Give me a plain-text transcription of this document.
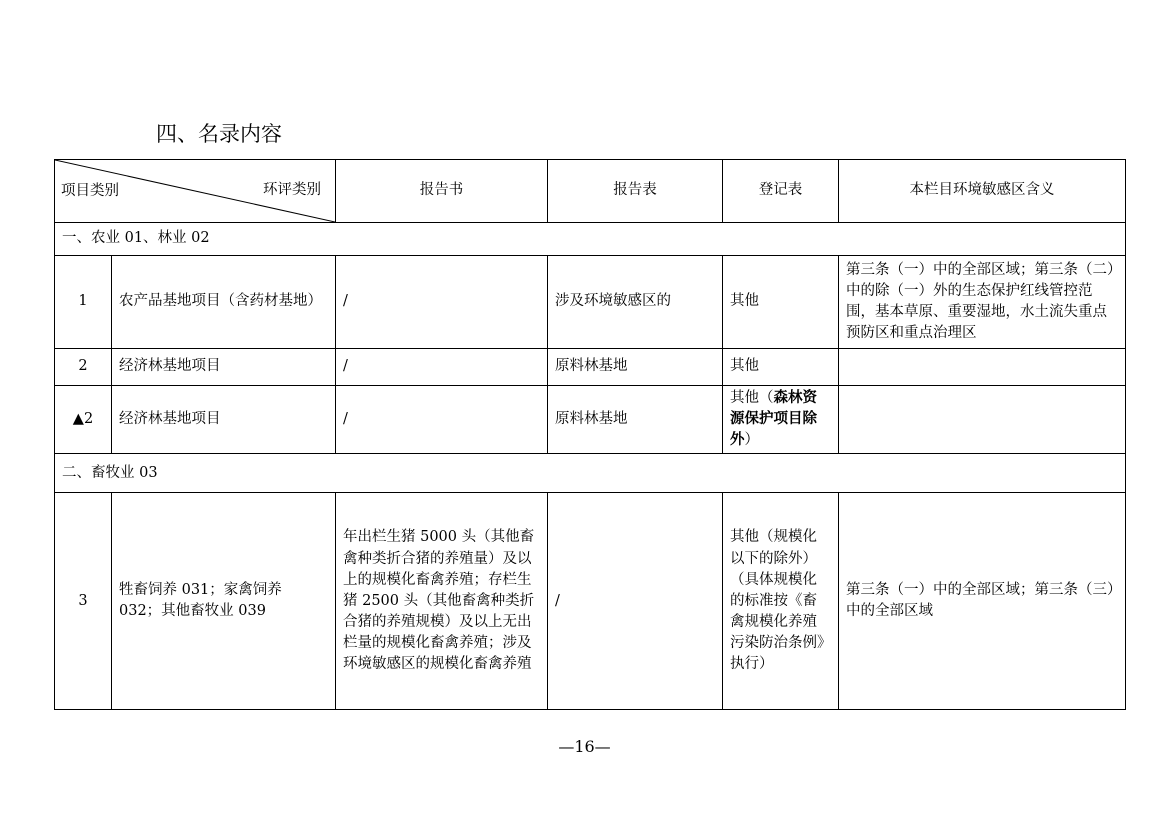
四、名录内容
项目类别 环评类别		报告书	报告表	登记表	本栏目环境敏感区含义
一、农业 01、林业 02					
1	农产品基地项目（含药材基地）	/	涉及环境敏感区的	其他	第三条（一）中的全部区域；第三条（二）中的除（一）外的生态保护红线管控范围，基本草原、重要湿地，水土流失重点预防区和重点治理区
2	经济林基地项目	/	原料林基地	其他	
▲2	经济林基地项目	/	原料林基地	其他（森林资源保护项目除外）	
二、畜牧业 03					
3	牲畜饲养 031；家禽饲养 032；其他畜牧业 039	年出栏生猪 5000 头（其他畜禽种类折合猪的养殖量）及以上的规模化畜禽养殖；存栏生猪 2500 头（其他畜禽种类折合猪的养殖规模）及以上无出栏量的规模化畜禽养殖；涉及环境敏感区的规模化畜禽养殖	/	其他（规模化以下的除外）（具体规模化的标准按《畜禽规模化养殖污染防治条例》执行）	第三条（一）中的全部区域；第三条（三）中的全部区域
—16—
